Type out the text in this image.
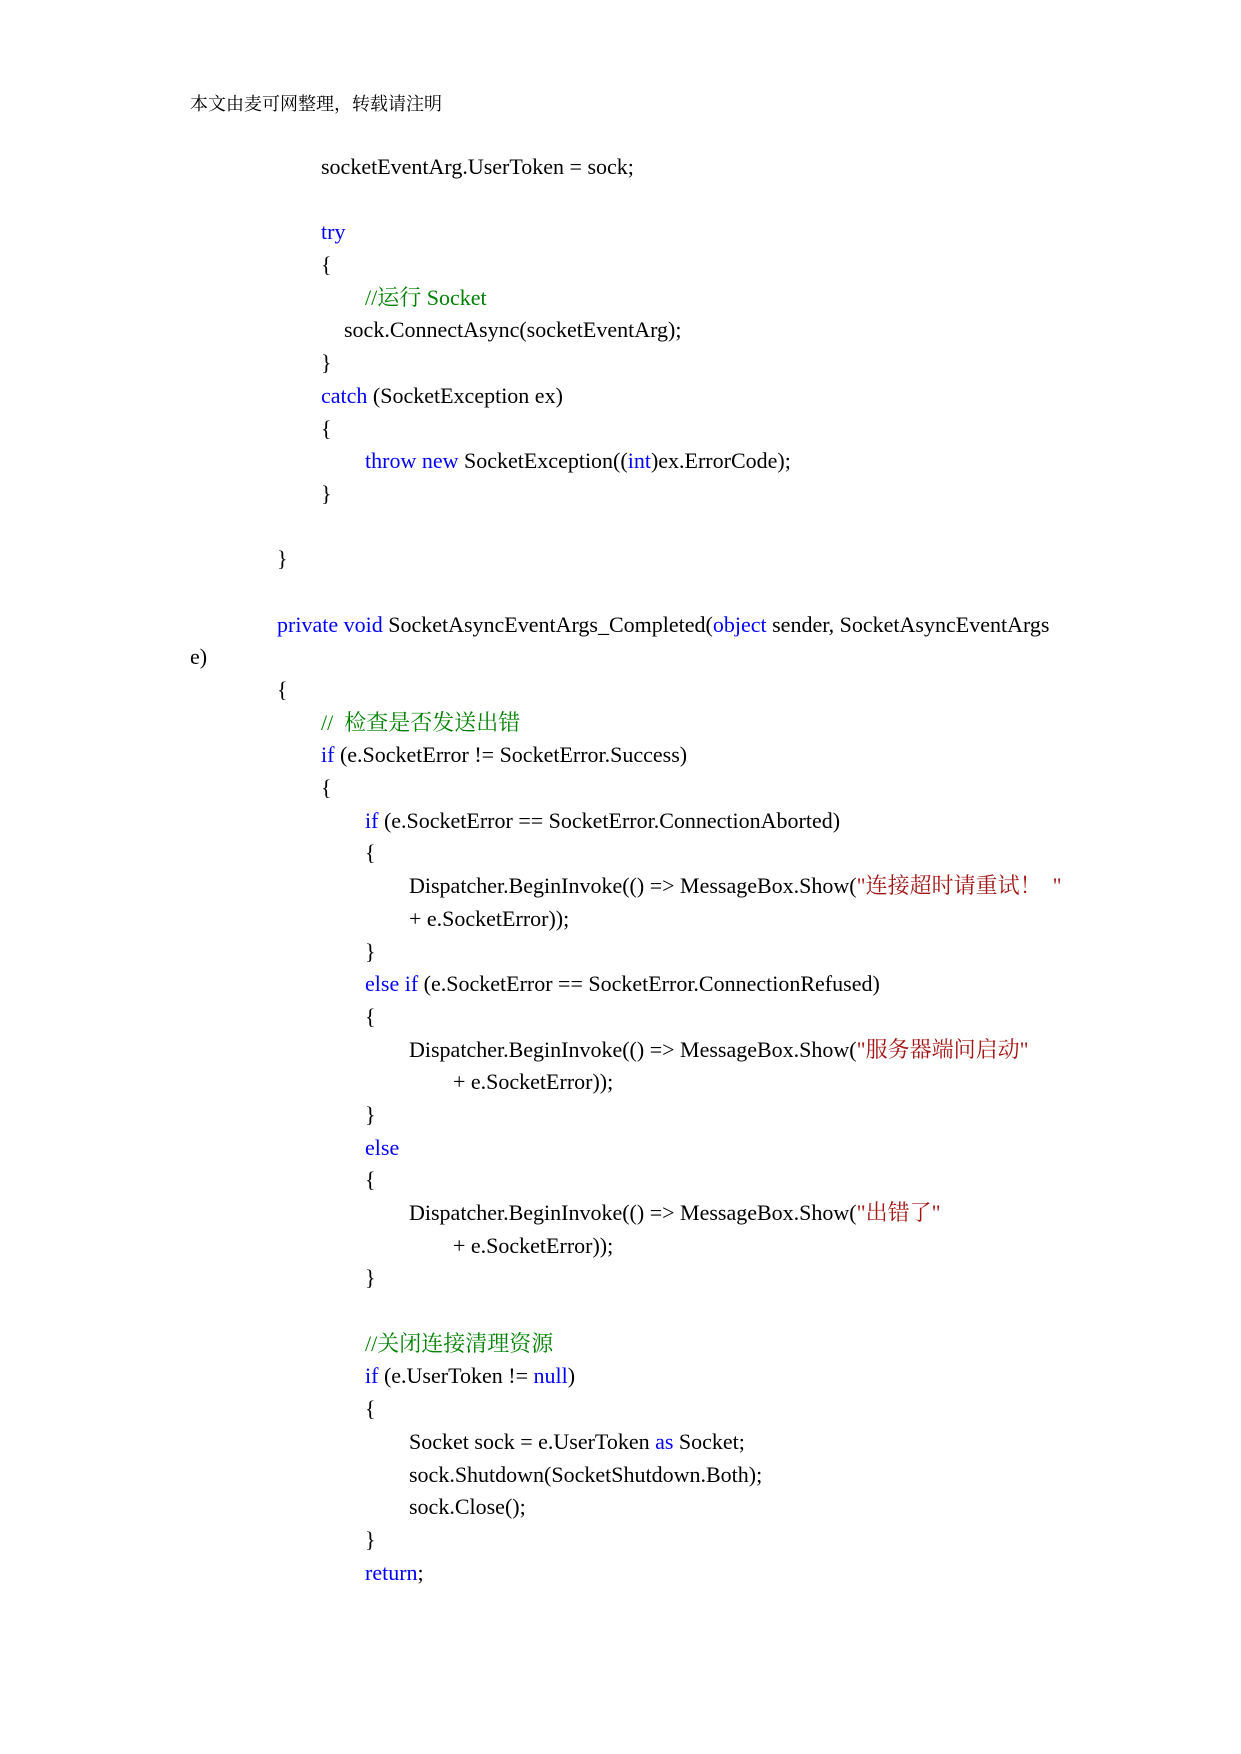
本文由麦可网整理，转载请注明
socketEventArg.UserToken = sock;
try
{
//运行 Socket
sock.ConnectAsync(socketEventArg);
}
catch (SocketException ex)
{
throw new SocketException((int)ex.ErrorCode);
}
}
private void SocketAsyncEventArgs_Completed(object sender, SocketAsyncEventArgs
e)
{
//  检查是否发送出错
if (e.SocketError != SocketError.Success)
{
if (e.SocketError == SocketError.ConnectionAborted)
{
Dispatcher.BeginInvoke(() => MessageBox.Show("连接超时请重试！  "
+ e.SocketError));
}
else if (e.SocketError == SocketError.ConnectionRefused)
{
Dispatcher.BeginInvoke(() => MessageBox.Show("服务器端问启动"
+ e.SocketError));
}
else
{
Dispatcher.BeginInvoke(() => MessageBox.Show("出错了"
+ e.SocketError));
}
//关闭连接清理资源
if (e.UserToken != null)
{
Socket sock = e.UserToken as Socket;
sock.Shutdown(SocketShutdown.Both);
sock.Close();
}
return;
